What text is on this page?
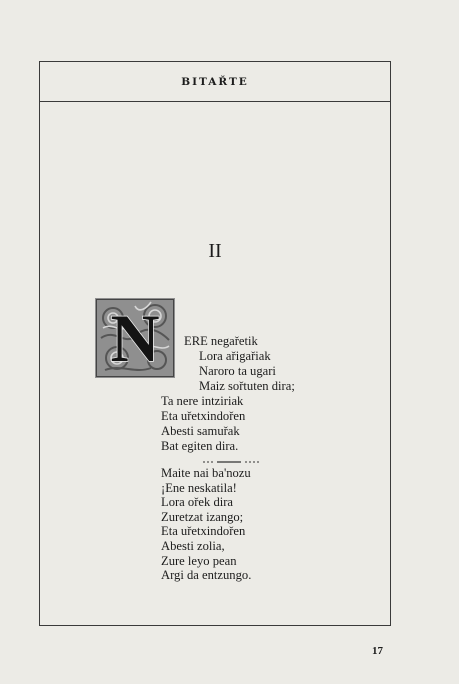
BITAŘTE
II
N	ERE negařetik
Lora ařigařiak
Naroro ta ugari
Maiz sořtuten dira;
Ta nere intziriak
Eta uřetxindořen
Abesti samuřak
Bat egiten dira.
Maite nai ba'nozu
¡Ene neskatila!
Lora ořek dira
Zuretzat izango;
Eta uřetxindořen
Abesti zolia,
Zure leyo pean
Argi da entzungo.
17
